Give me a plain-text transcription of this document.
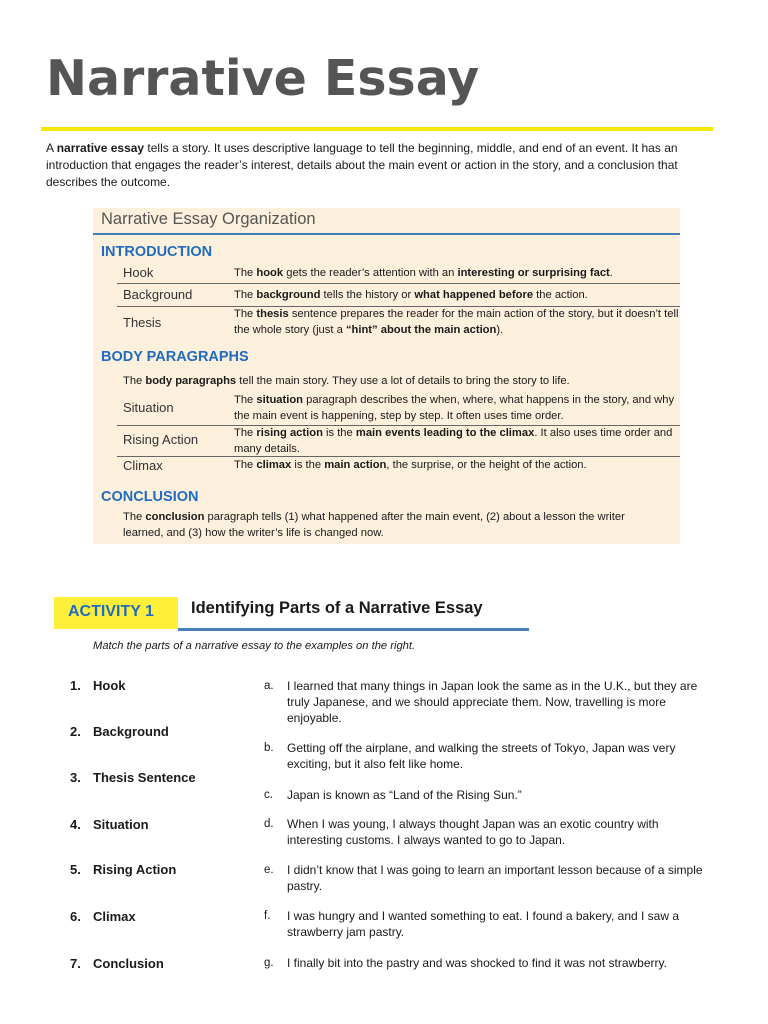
Narrative Essay

A narrative essay tells a story. It uses descriptive language to tell the beginning, middle, and end of an event. It has an introduction that engages the reader’s interest, details about the main event or action in the story, and a conclusion that describes the outcome.

Narrative Essay Organization
INTRODUCTION
Hook	The hook gets the reader’s attention with an interesting or surprising fact.
Background	The background tells the history or what happened before the action.
Thesis
The thesis sentence prepares the reader for the main action of the story, but it doesn’t tell the whole story (just a “hint” about the main action).
BODY PARAGRAPHS
The body paragraphs tell the main story. They use a lot of details to bring the story to life.
Situation	The situation paragraph describes the when, where, what happens in the story, and why the main event is happening, step by step. It often uses time order.
Rising Action	The rising action is the main events leading to the climax. It also uses time order and many details.
Climax	The climax is the main action, the surprise, or the height of the action.
CONCLUSION
The conclusion paragraph tells (1) what happened after the main event, (2) about a lesson the writer learned, and (3) how the writer’s life is changed now.
ACTIVITY 1 Identifying Parts of a Narrative Essay
Match the parts of a narrative essay to the examples on the right.
1. Hook
2. Background
3. Thesis Sentence
4. Situation
5. Rising Action
6. Climax
7. Conclusion
a. I learned that many things in Japan look the same as in the U.K., but they are truly Japanese, and we should appreciate them. Now, travelling is more enjoyable.
b. Getting off the airplane, and walking the streets of Tokyo, Japan was very exciting, but it also felt like home.
c. Japan is known as “Land of the Rising Sun.”
d. When I was young, I always thought Japan was an exotic country with interesting customs. I always wanted to go to Japan.
e. I didn’t know that I was going to learn an important lesson because of a simple pastry.
f. I was hungry and I wanted something to eat. I found a bakery, and I saw a strawberry jam pastry.
g. I finally bit into the pastry and was shocked to find it was not strawberry.
